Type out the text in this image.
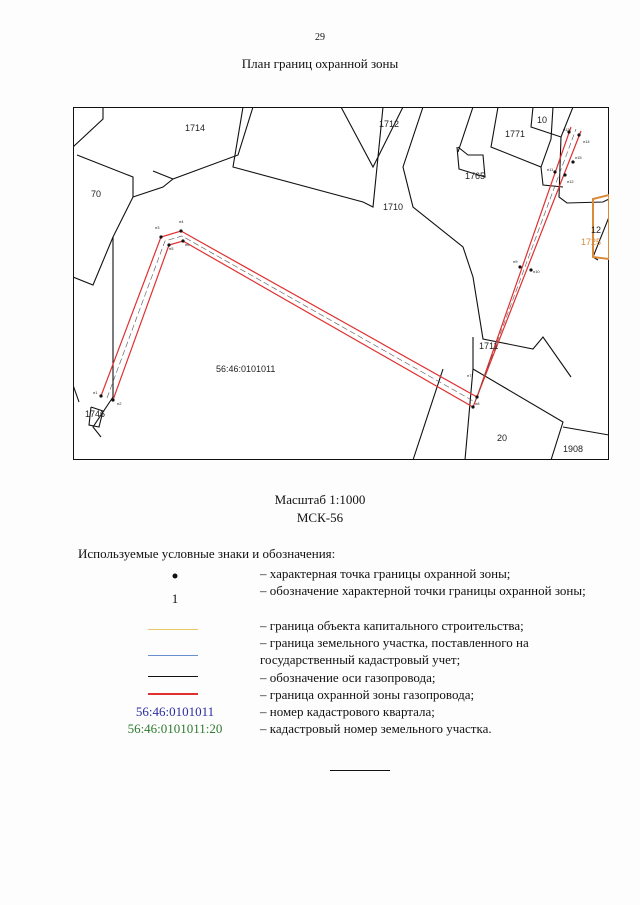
29
План границ охранной зоны
н1
н2
н3
н4
н5
н6
н7
н8
н9
н10
н11
н12
н13
н14
н15
1714	1712
1771
10
70
1765
1710
12
1725
1711
56:46:0101011
1746
20
1908
Масштаб 1:1000
МСК-56
Используемые условные знаки и обозначения:
– характерная точка границы охранной зоны;
1
– обозначение характерной точки границы охранной зоны;
– граница объекта капитального строительства;
– граница земельного участка, поставленного на государственный кадастровый учет;
– обозначение оси газопровода;
– граница охранной зоны газопровода;
56:46:0101011	– номер кадастрового квартала;
56:46:0101011:20	– кадастровый номер земельного участка.
